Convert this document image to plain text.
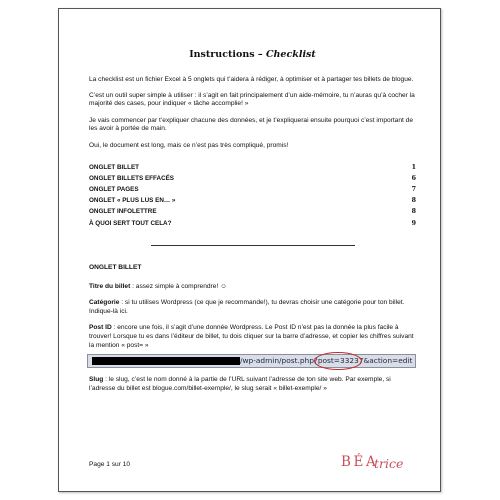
Instructions – Checklist

La checklist est un fichier Excel à 5 onglets qui t’aidera à rédiger, à optimiser et à partager tes billets de blogue.

C’est un outil super simple à utiliser : il s’agit en fait principalement d’un aide-mémoire, tu n’auras qu’à cocher la majorité des cases, pour indiquer « tâche accomplie! »

Je vais commencer par t’expliquer chacune des données, et je t’expliquerai ensuite pourquoi c’est important de les avoir à portée de main.

Oui, le document est long, mais ce n’est pas très compliqué, promis!

ONGLET BILLET	1
ONGLET BILLETS EFFACÉS	6
ONGLET PAGES	7
ONGLET « PLUS LUS EN… »	8
ONGLET INFOLETTRE	8
À QUOI SERT TOUT CELA?	9
ONGLET BILLET

Titre du billet : assez simple à comprendre! ☺

Catégorie : si tu utilises Wordpress (ce que je recommande!), tu devras choisir une catégorie pour ton billet. Indique-là ici.

Post ID : encore une fois, il s’agit d’une donnée Wordpress. Le Post ID n’est pas la donnée la plus facile à trouver! Lorsque tu es dans l’éditeur de billet, tu dois cliquer sur la barre d’adresse, et copier les chiffres suivant la mention « post= »

/wp-admin/post.php?post=33237&action=edit

Slug : le slug, c’est le nom donné à la partie de l’URL suivant l’adresse de ton site web. Par exemple, si l’adresse du billet est blogue.com/billet-exemple/, le slug serait « billet-exemple/ »

Page 1 sur 10	BÉA
trice
